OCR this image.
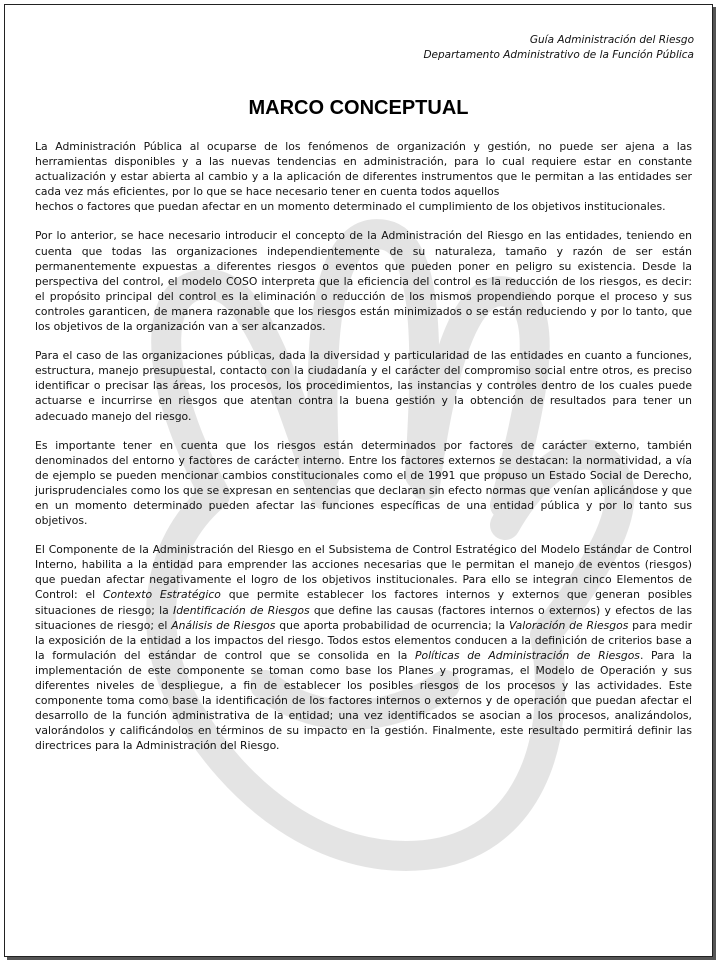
Guía Administración del Riesgo
Departamento Administrativo de la Función Pública
MARCO CONCEPTUAL

La Administración Pública al ocuparse de los fenómenos de organización y gestión, no puede ser ajena a las herramientas disponibles y a las nuevas tendencias en administración, para lo cual requiere estar en constante actualización y estar abierta al cambio y a la aplicación de diferentes instrumentos que le permitan a las entidades ser cada vez más eficientes, por lo que se hace necesario tener en cuenta todos aquellos

hechos o factores que puedan afectar en un momento determinado el cumplimiento de los objetivos institucionales.

Por lo anterior, se hace necesario introducir el concepto de la Administración del Riesgo en las entidades, teniendo en cuenta que todas las organizaciones independientemente de su naturaleza, tamaño y razón de ser están permanentemente expuestas a diferentes riesgos o eventos que pueden poner en peligro su existencia. Desde la perspectiva del control, el modelo COSO interpreta que la eficiencia del control es la reducción de los riesgos, es decir: el propósito principal del control es la eliminación o reducción de los mismos propendiendo porque el proceso y sus controles garanticen, de manera razonable que los riesgos están minimizados o se están reduciendo y por lo tanto, que los objetivos de la organización van a ser alcanzados.

Para el caso de las organizaciones públicas, dada la diversidad y particularidad de las entidades en cuanto a funciones, estructura, manejo presupuestal, contacto con la ciudadanía y el carácter del compromiso social entre otros, es preciso identificar o precisar las áreas, los procesos, los procedimientos, las instancias y controles dentro de los cuales puede actuarse e incurrirse en riesgos que atentan contra la buena gestión y la obtención de resultados para tener un adecuado manejo del riesgo.

Es importante tener en cuenta que los riesgos están determinados por factores de carácter externo, también denominados del entorno y factores de carácter interno. Entre los factores externos se destacan: la normatividad, a vía de ejemplo se pueden mencionar cambios constitucionales como el de 1991 que propuso un Estado Social de Derecho, jurisprudenciales como los que se expresan en sentencias que declaran sin efecto normas que venían aplicándose y que en un momento determinado pueden afectar las funciones específicas de una entidad pública y por lo tanto sus objetivos.

El Componente de la Administración del Riesgo en el Subsistema de Control Estratégico del Modelo Estándar de Control Interno, habilita a la entidad para emprender las acciones necesarias que le permitan el manejo de eventos (riesgos) que puedan afectar negativamente el logro de los objetivos institucionales. Para ello se integran cinco Elementos de Control: el Contexto Estratégico que permite establecer los factores internos y externos que generan posibles situaciones de riesgo; la Identificación de Riesgos que define las causas (factores internos o externos) y efectos de las situaciones de riesgo; el Análisis de Riesgos que aporta probabilidad de ocurrencia; la Valoración de Riesgos para medir la exposición de la entidad a los impactos del riesgo. Todos estos elementos conducen a la definición de criterios base a la formulación del estándar de control que se consolida en la Políticas de Administración de Riesgos. Para la implementación de este componente se toman como base los Planes y programas, el Modelo de Operación y sus diferentes niveles de despliegue, a fin de establecer los posibles riesgos de los procesos y las actividades. Este componente toma como base la identificación de los factores internos o externos y de operación que puedan afectar el desarrollo de la función administrativa de la entidad; una vez identificados se asocian a los procesos, analizándolos, valorándolos y calificándolos en términos de su impacto en la gestión. Finalmente, este resultado permitirá definir las directrices para la Administración del Riesgo.
